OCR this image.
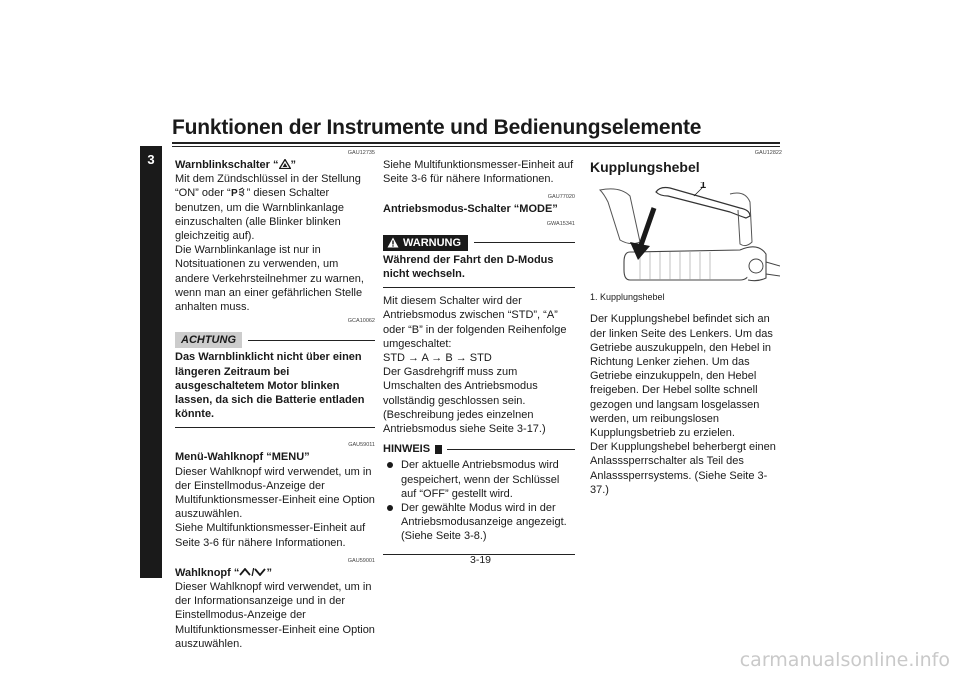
Funktionen der Instrumente und Bedienungselemente
3	GAU12735
Warnblinkschalter “ ”

Mit dem Zündschlüssel in der Stellung “ON” oder “ P ” diesen Schalter benutzen, um die Warnblinkanlage einzuschalten (alle Blinker blinken gleichzeitig auf).

Die Warnblinkanlage ist nur in Notsituationen zu verwenden, um andere Verkehrsteilnehmer zu warnen, wenn man an einer gefährlichen Stelle anhalten muss.

GCA10062
ACHTUNG

Das Warnblinklicht nicht über einen längeren Zeitraum bei ausgeschaltetem Motor blinken lassen, da sich die Batterie entladen könnte.

GAU59011
Menü-Wahlknopf “MENU”

Dieser Wahlknopf wird verwendet, um in der Einstellmodus-Anzeige der Multifunktionsmesser-Einheit eine Option auszuwählen.

Siehe Multifunktionsmesser-Einheit auf Seite 3-6 für nähere Informationen.

GAU59001
Wahlknopf “ / ”

Dieser Wahlknopf wird verwendet, um in der Informationsanzeige und in der Einstellmodus-Anzeige der Multifunktionsmesser-Einheit eine Option auszuwählen.

Siehe Multifunktionsmesser-Einheit auf Seite 3-6 für nähere Informationen.

GAU77020
Antriebsmodus-Schalter “MODE”
GWA15341
WARNUNG

Während der Fahrt den D-Modus nicht wechseln.

Mit diesem Schalter wird der Antriebsmodus zwischen “STD”, “A” oder “B” in der folgenden Reihenfolge umgeschaltet:

STD → A → B → STD

Der Gasdrehgriff muss zum Umschalten des Antriebsmodus vollständig geschlossen sein. (Beschreibung jedes einzelnen Antriebsmodus siehe Seite 3-17.)

HINWEIS
Der aktuelle Antriebsmodus wird gespeichert, wenn der Schlüssel auf “OFF” gestellt wird.
Der gewählte Modus wird in der Antriebsmodusanzeige angezeigt. (Siehe Seite 3-8.)
GAU12822
Kupplungshebel
1
1. Kupplungshebel

Der Kupplungshebel befindet sich an der linken Seite des Lenkers. Um das Getriebe auszukuppeln, den Hebel in Richtung Lenker ziehen. Um das Getriebe einzukuppeln, den Hebel freigeben. Der Hebel sollte schnell gezogen und langsam losgelassen werden, um reibungslosen Kupplungsbetrieb zu erzielen.

Der Kupplungshebel beherbergt einen Anlasssperrschalter als Teil des Anlasssperrsystems. (Siehe Seite 3-37.)

3-19
carmanualsonline.info
